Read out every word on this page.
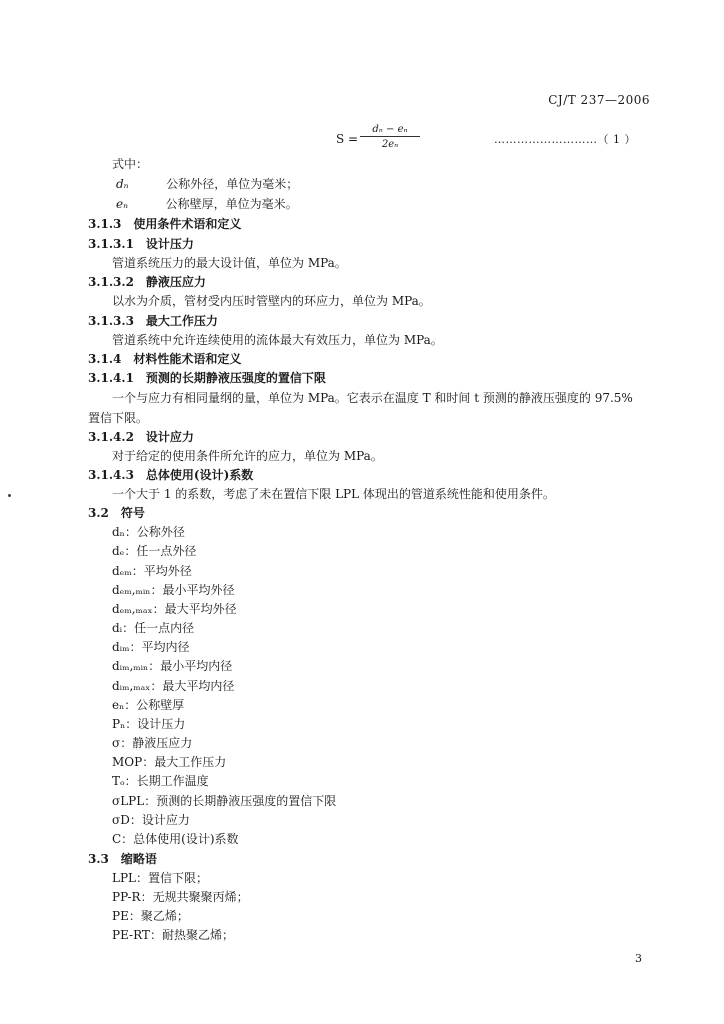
CJ/T 237—2006
$S = \frac{\text{dₙ − eₙ}}{\text{2eₙ}}$	………………………（ 1 ）
式中：
dₙ	公称外径，单位为毫米；
eₙ	公称壁厚，单位为毫米。
3.1.3　使用条件术语和定义
3.1.3.1　设计压力
管道系统压力的最大设计值，单位为 MPa。
3.1.3.2　静液压应力
以水为介质，管材受内压时管壁内的环应力，单位为 MPa。
3.1.3.3　最大工作压力
管道系统中允许连续使用的流体最大有效压力，单位为 MPa。
3.1.4　材料性能术语和定义
3.1.4.1　预测的长期静液压强度的置信下限
一个与应力有相同量纲的量，单位为 MPa。它表示在温度 T 和时间 t 预测的静液压强度的 97.5%
置信下限。
3.1.4.2　设计应力
对于给定的使用条件所允许的应力，单位为 MPa。
3.1.4.3　总体使用(设计)系数
一个大于 1 的系数，考虑了未在置信下限 LPL 体现出的管道系统性能和使用条件。
3.2　符号
dₙ：公称外径
dₑ：任一点外径
dₑₘ：平均外径
dₑₘ,ₘᵢₙ：最小平均外径
dₑₘ,ₘₐₓ：最大平均外径
dᵢ：任一点内径
dᵢₘ：平均内径
dᵢₘ,ₘᵢₙ：最小平均内径
dᵢₘ,ₘₐₓ：最大平均内径
eₙ：公称壁厚
Pₙ：设计压力
σ：静液压应力
MOP：最大工作压力
Tₒ：长期工作温度
σLPL：预测的长期静液压强度的置信下限
σD：设计应力
C：总体使用(设计)系数
3.3　缩略语
LPL：置信下限；
PP-R：无规共聚聚丙烯；
PE：聚乙烯；
PE-RT：耐热聚乙烯；
3
